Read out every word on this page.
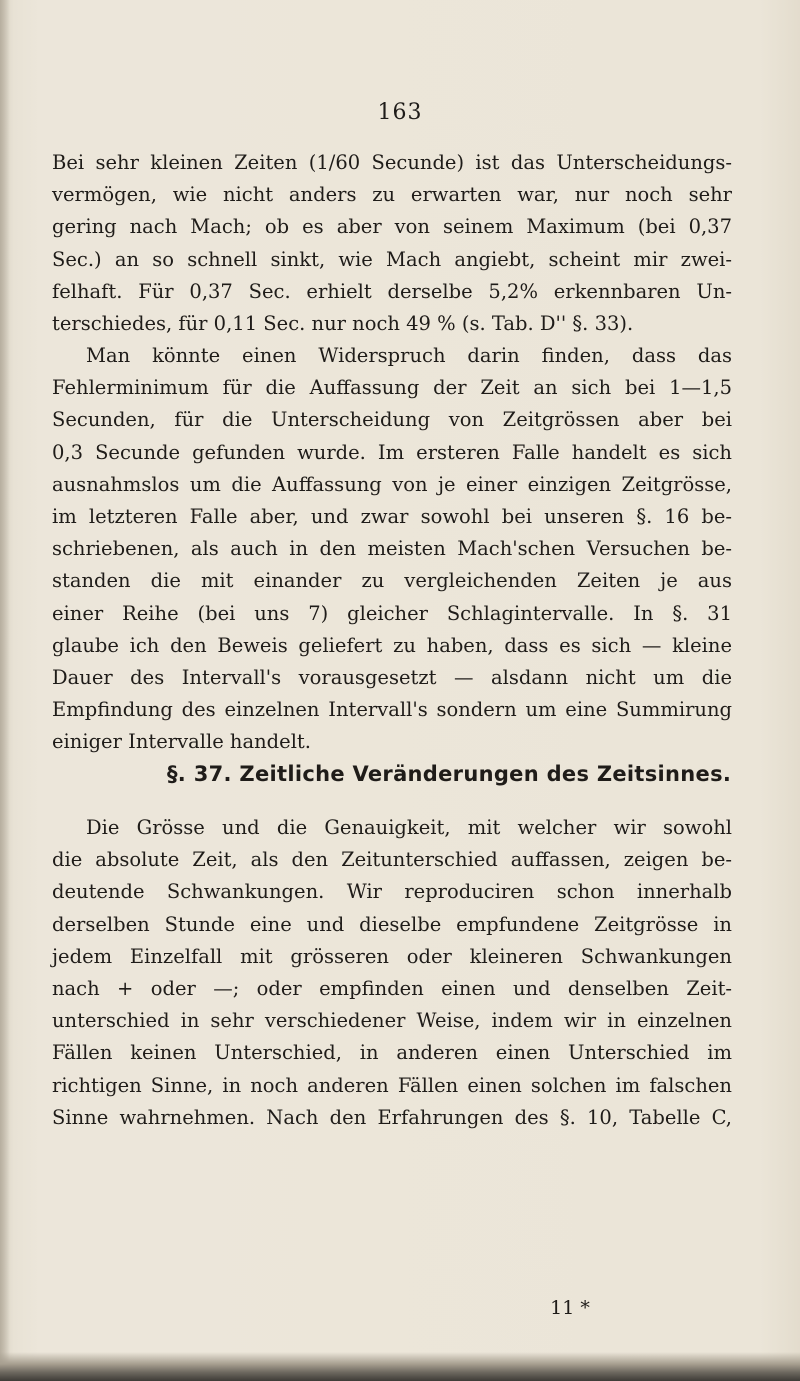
163
Bei sehr kleinen Zeiten (1/60 Secunde) ist das Unterscheidungs-
vermögen, wie nicht anders zu erwarten war, nur noch sehr
gering nach Mach; ob es aber von seinem Maximum (bei 0,37
Sec.) an so schnell sinkt, wie Mach angiebt, scheint mir zwei-
felhaft. Für 0,37 Sec. erhielt derselbe 5,2% erkennbaren Un-
terschiedes, für 0,11 Sec. nur noch 49 % (s. Tab. D'' §. 33).
Man könnte einen Widerspruch darin finden, dass das
Fehlerminimum für die Auffassung der Zeit an sich bei 1—1,5
Secunden, für die Unterscheidung von Zeitgrössen aber bei
0,3 Secunde gefunden wurde. Im ersteren Falle handelt es sich
ausnahmslos um die Auffassung von je einer einzigen Zeitgrösse,
im letzteren Falle aber, und zwar sowohl bei unseren §. 16 be-
schriebenen, als auch in den meisten Mach'schen Versuchen be-
standen die mit einander zu vergleichenden Zeiten je aus
einer Reihe (bei uns 7) gleicher Schlagintervalle. In §. 31
glaube ich den Beweis geliefert zu haben, dass es sich — kleine
Dauer des Intervall's vorausgesetzt — alsdann nicht um die
Empfindung des einzelnen Intervall's sondern um eine Summirung
einiger Intervalle handelt.
§. 37. Zeitliche Veränderungen des Zeitsinnes.
Die Grösse und die Genauigkeit, mit welcher wir sowohl
die absolute Zeit, als den Zeitunterschied auffassen, zeigen be-
deutende Schwankungen. Wir reproduciren schon innerhalb
derselben Stunde eine und dieselbe empfundene Zeitgrösse in
jedem Einzelfall mit grösseren oder kleineren Schwankungen
nach + oder —; oder empfinden einen und denselben Zeit-
unterschied in sehr verschiedener Weise, indem wir in einzelnen
Fällen keinen Unterschied, in anderen einen Unterschied im
richtigen Sinne, in noch anderen Fällen einen solchen im falschen
Sinne wahrnehmen. Nach den Erfahrungen des §. 10, Tabelle C,
11 *
